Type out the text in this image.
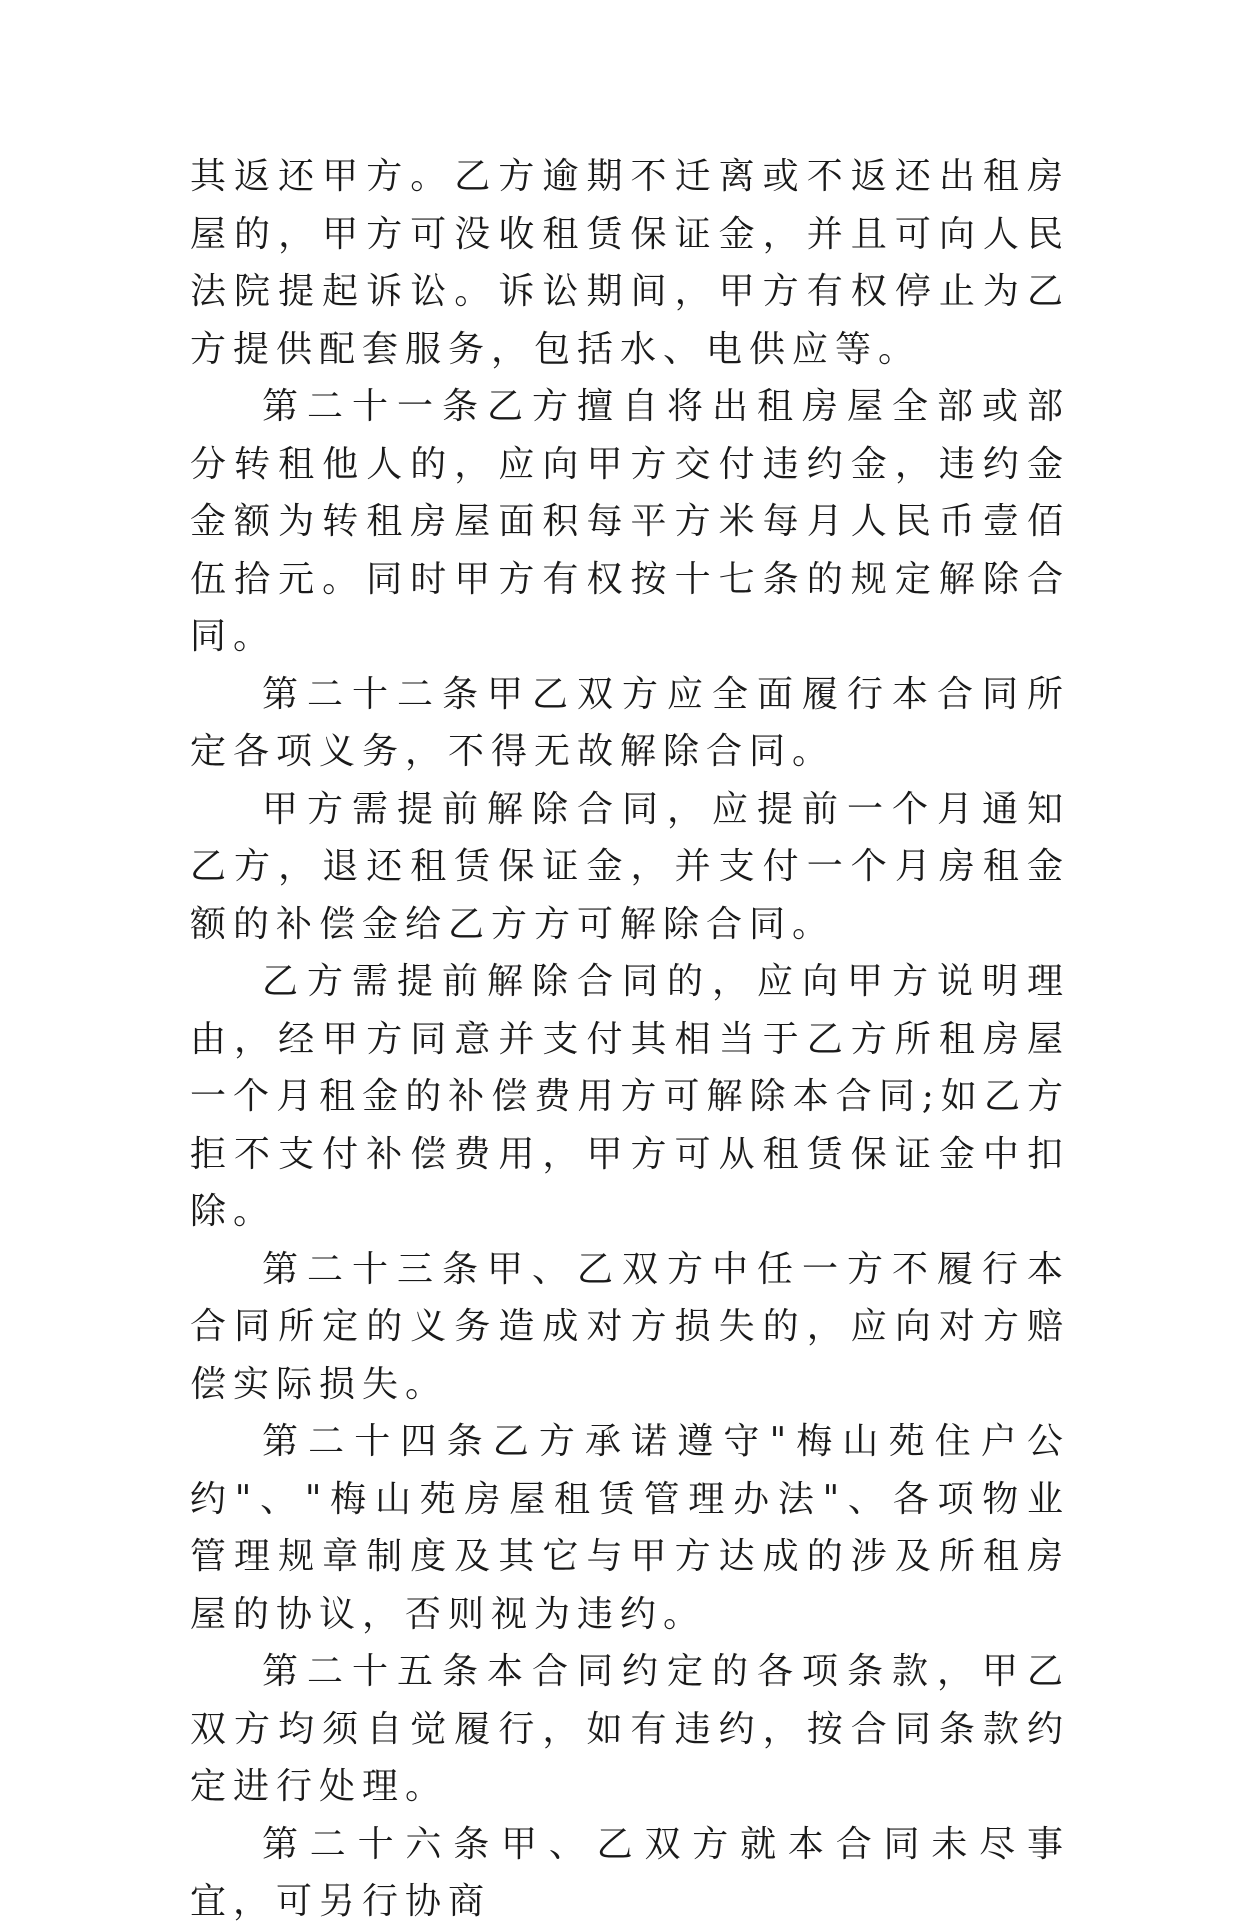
其返还甲方。乙方逾期不迁离或不返还出租房屋的，甲方可没收租赁保证金，并且可向人民法院提起诉讼。诉讼期间，甲方有权停止为乙方提供配套服务，包括水、电供应等。

第二十一条乙方擅自将出租房屋全部或部分转租他人的，应向甲方交付违约金，违约金金额为转租房屋面积每平方米每月人民币壹佰伍拾元。同时甲方有权按十七条的规定解除合同。

第二十二条甲乙双方应全面履行本合同所定各项义务，不得无故解除合同。

甲方需提前解除合同，应提前一个月通知乙方，退还租赁保证金，并支付一个月房租金额的补偿金给乙方方可解除合同。

乙方需提前解除合同的，应向甲方说明理由，经甲方同意并支付其相当于乙方所租房屋一个月租金的补偿费用方可解除本合同;如乙方拒不支付补偿费用，甲方可从租赁保证金中扣除。

第二十三条甲、乙双方中任一方不履行本合同所定的义务造成对方损失的，应向对方赔偿实际损失。

第二十四条乙方承诺遵守"梅山苑住户公约"、"梅山苑房屋租赁管理办法"、各项物业管理规章制度及其它与甲方达成的涉及所租房屋的协议，否则视为违约。

第二十五条本合同约定的各项条款，甲乙双方均须自觉履行，如有违约，按合同条款约定进行处理。

第二十六条甲、乙双方就本合同未尽事宜，可另行协商
